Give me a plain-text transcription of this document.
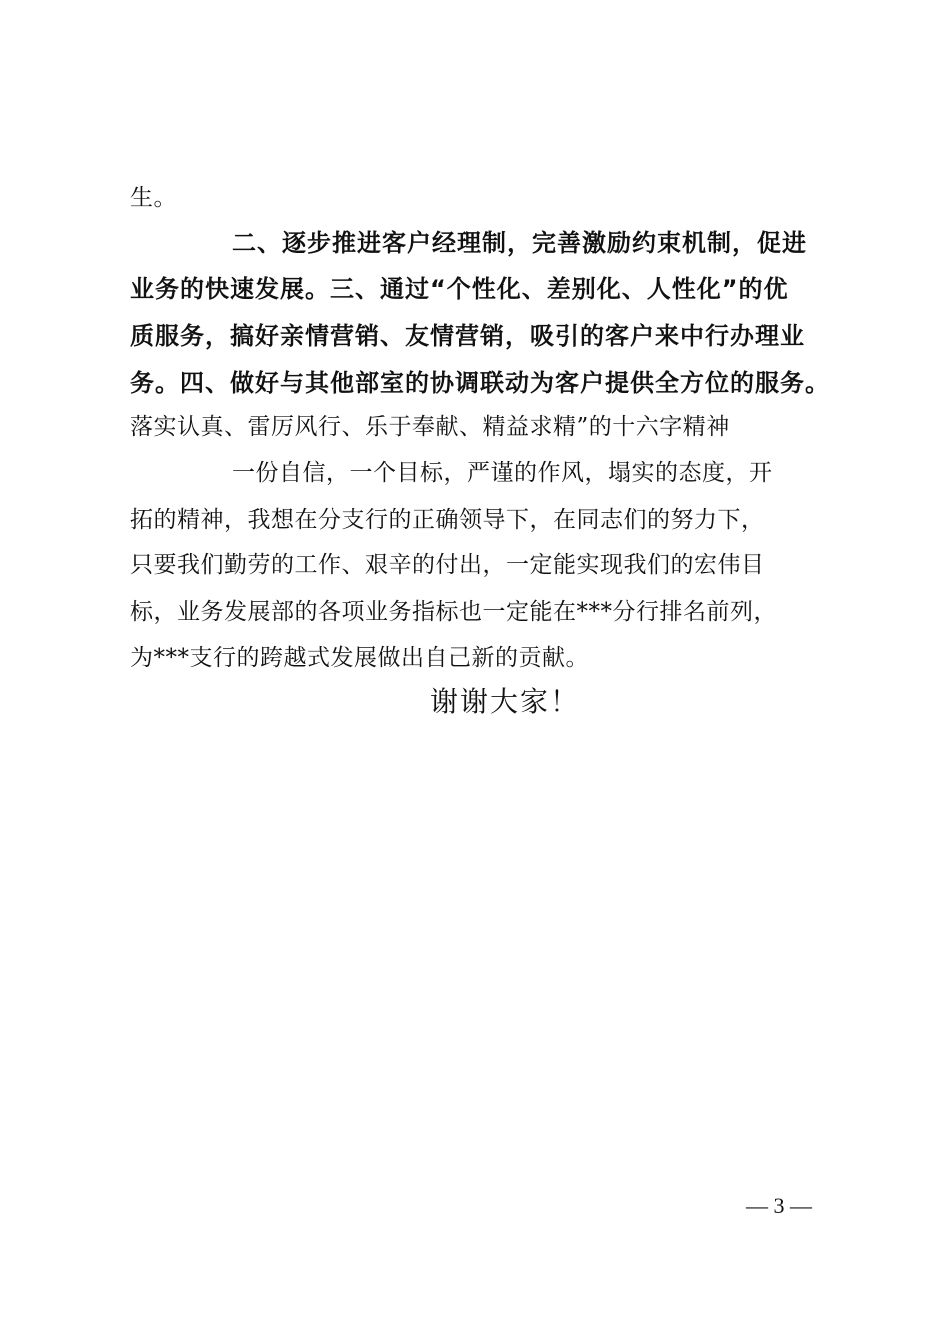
生。
二、逐步推进客户经理制，完善激励约束机制，促进
业务的快速发展。三、通过“个性化、差别化、人性化”的优
质服务，搞好亲情营销、友情营销，吸引的客户来中行办理业
务。四、做好与其他部室的协调联动为客户提供全方位的服务。
落实认真、雷厉风行、乐于奉献、精益求精”的十六字精神
一份自信，一个目标，严谨的作风，塌实的态度，开
拓的精神，我想在分支行的正确领导下，在同志们的努力下，
只要我们勤劳的工作、艰辛的付出，一定能实现我们的宏伟目
标，业务发展部的各项业务指标也一定能在***分行排名前列，
为***支行的跨越式发展做出自己新的贡献。
谢谢大家！
— 3 —
